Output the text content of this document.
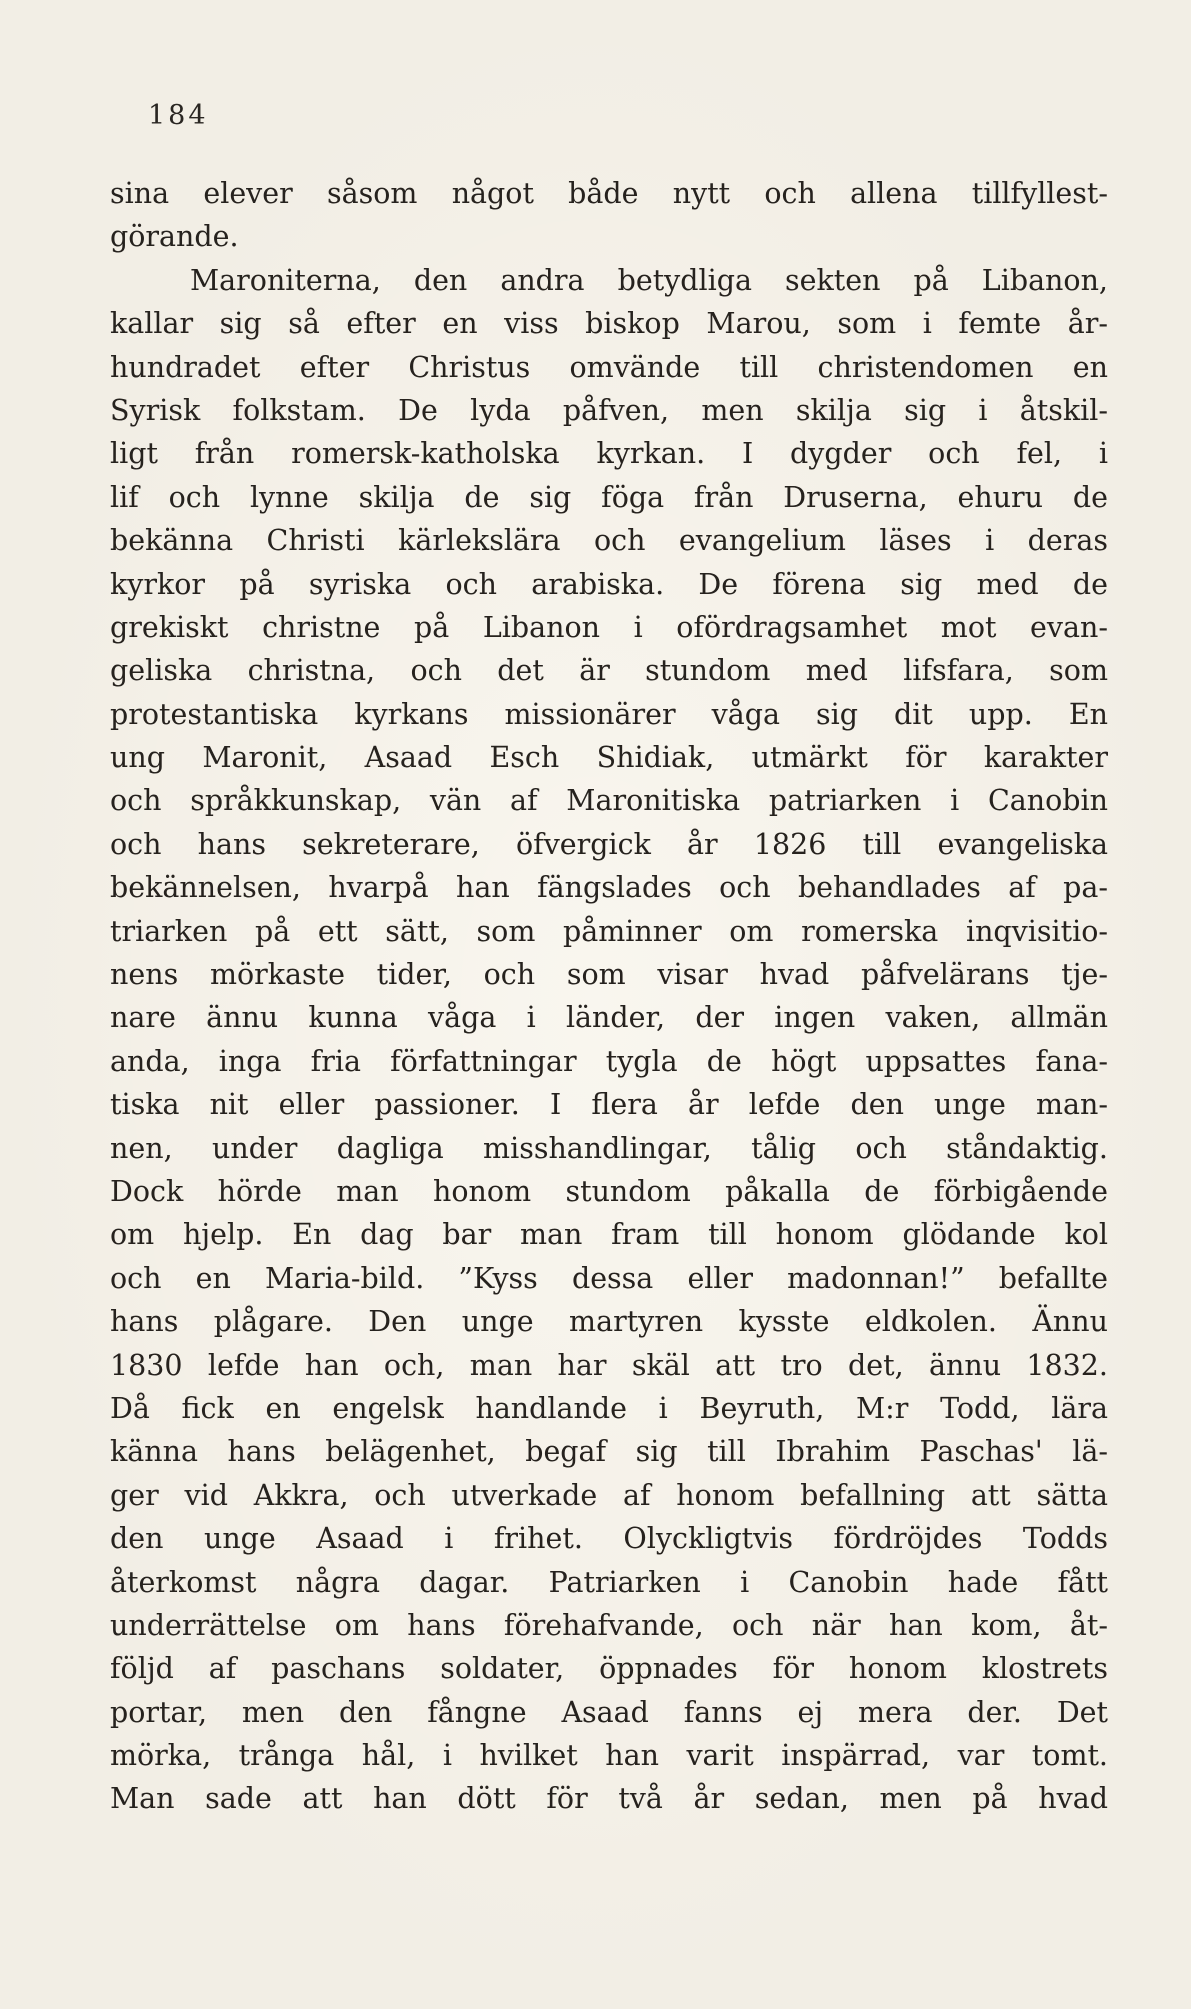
184

sina elever såsom något både nytt och allena tillfyllest-

görande.

Maroniterna, den andra betydliga sekten på Libanon,

kallar sig så efter en viss biskop Marou, som i femte år-

hundradet efter Christus omvände till christendomen en

Syrisk folkstam. De lyda påfven, men skilja sig i åtskil-

ligt från romersk-katholska kyrkan. I dygder och fel, i

lif och lynne skilja de sig föga från Druserna, ehuru de

bekänna Christi kärlekslära och evangelium läses i deras

kyrkor på syriska och arabiska. De förena sig med de

grekiskt christne på Libanon i ofördragsamhet mot evan-

geliska christna, och det är stundom med lifsfara, som

protestantiska kyrkans missionärer våga sig dit upp. En

ung Maronit, Asaad Esch Shidiak, utmärkt för karakter

och språkkunskap, vän af Maronitiska patriarken i Canobin

och hans sekreterare, öfvergick år 1826 till evangeliska

bekännelsen, hvarpå han fängslades och behandlades af pa-

triarken på ett sätt, som påminner om romerska inqvisitio-

nens mörkaste tider, och som visar hvad påfvelärans tje-

nare ännu kunna våga i länder, der ingen vaken, allmän

anda, inga fria författningar tygla de högt uppsattes fana-

tiska nit eller passioner. I flera år lefde den unge man-

nen, under dagliga misshandlingar, tålig och ståndaktig.

Dock hörde man honom stundom påkalla de förbigående

om hjelp. En dag bar man fram till honom glödande kol

och en Maria-bild. ”Kyss dessa eller madonnan!” befallte

hans plågare. Den unge martyren kysste eldkolen. Ännu

1830 lefde han och, man har skäl att tro det, ännu 1832.

Då fick en engelsk handlande i Beyruth, M:r Todd, lära

känna hans belägenhet, begaf sig till Ibrahim Paschas' lä-

ger vid Akkra, och utverkade af honom befallning att sätta

den unge Asaad i frihet. Olyckligtvis fördröjdes Todds

återkomst några dagar. Patriarken i Canobin hade fått

underrättelse om hans förehafvande, och när han kom, åt-

följd af paschans soldater, öppnades för honom klostrets

portar, men den fångne Asaad fanns ej mera der. Det

mörka, trånga hål, i hvilket han varit inspärrad, var tomt.

Man sade att han dött för två år sedan, men på hvad
